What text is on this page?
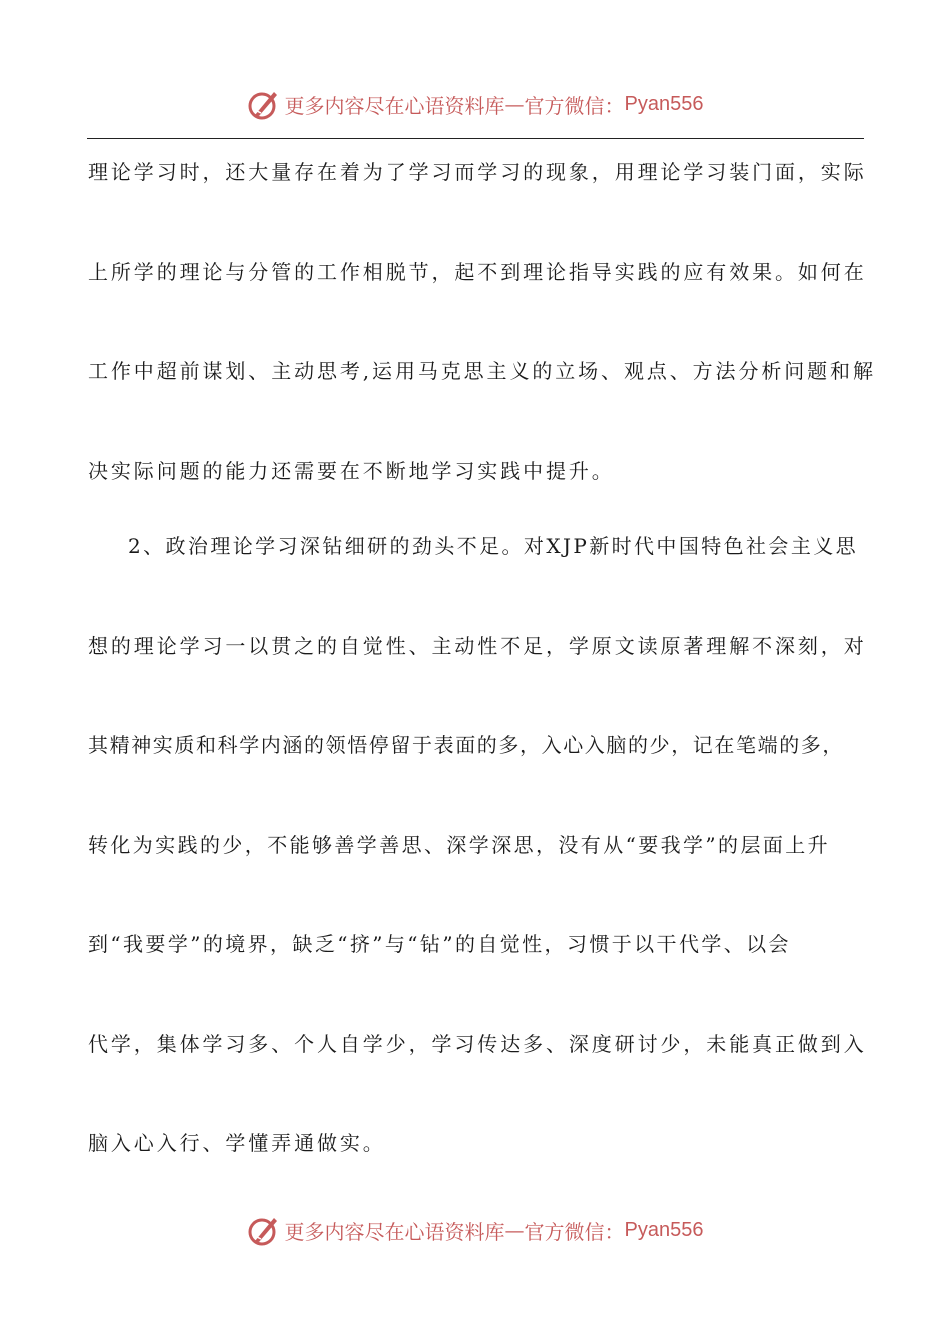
更多内容尽在心语资料库 — 官方微信： Pyan556
理论学习时，还大量存在着为了学习而学习的现象，用理论学习装门面，实际
上所学的理论与分管的工作相脱节，起不到理论指导实践的应有效果。如何在
工作中超前谋划、主动思考,运用马克思主义的立场、观点、方法分析问题和解
决实际问题的能力还需要在不断地学习实践中提升。
2、政治理论学习深钻细研的劲头不足。对XJP新时代中国特色社会主义思
想的理论学习一以贯之的自觉性、主动性不足，学原文读原著理解不深刻，对
其精神实质和科学内涵的领悟停留于表面的多，入心入脑的少，记在笔端的多，
转化为实践的少，不能够善学善思、深学深思，没有从“要我学”的层面上升
到“我要学”的境界，缺乏“挤”与“钻”的自觉性，习惯于以干代学、以会
代学，集体学习多、个人自学少，学习传达多、深度研讨少，未能真正做到入
脑入心入行、学懂弄通做实。
更多内容尽在心语资料库 — 官方微信： Pyan556
